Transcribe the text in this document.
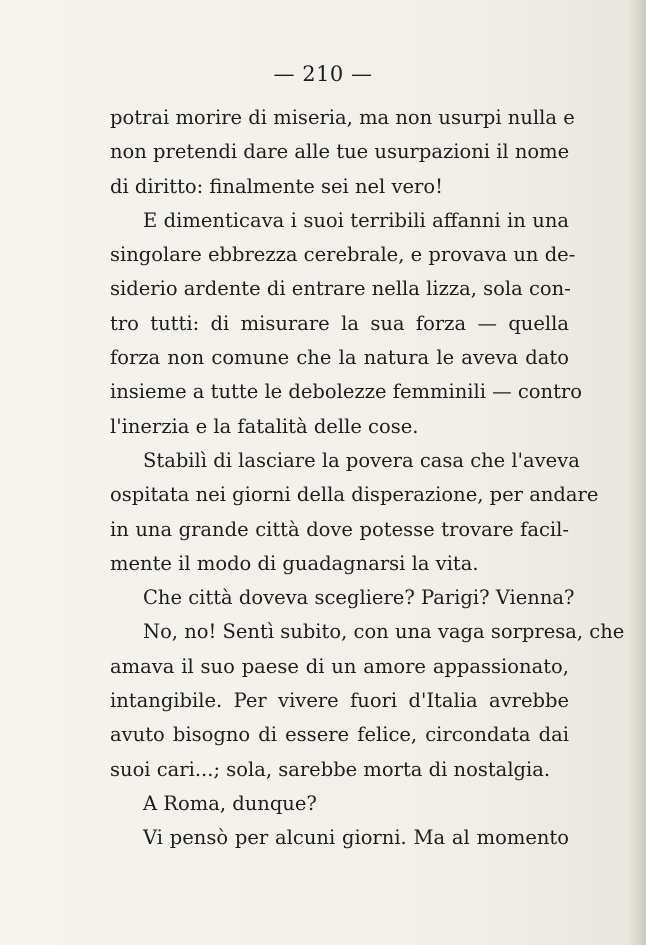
— 210 —
potrai morire di miseria, ma non usurpi nulla e
non pretendi dare alle tue usurpazioni il nome
di diritto: finalmente sei nel vero!
E dimenticava i suoi terribili affanni in una
singolare ebbrezza cerebrale, e provava un de-
siderio ardente di entrare nella lizza, sola con-
tro tutti: di misurare la sua forza — quella
forza non comune che la natura le aveva dato
insieme a tutte le debolezze femminili — contro
l'inerzia e la fatalità delle cose.
Stabilì di lasciare la povera casa che l'aveva
ospitata nei giorni della disperazione, per andare
in una grande città dove potesse trovare facil-
mente il modo di guadagnarsi la vita.
Che città doveva scegliere? Parigi? Vienna?
No, no! Sentì subito, con una vaga sorpresa, che
amava il suo paese di un amore appassionato,
intangibile. Per vivere fuori d'Italia avrebbe
avuto bisogno di essere felice, circondata dai
suoi cari...; sola, sarebbe morta di nostalgia.
A Roma, dunque?
Vi pensò per alcuni giorni. Ma al momento
